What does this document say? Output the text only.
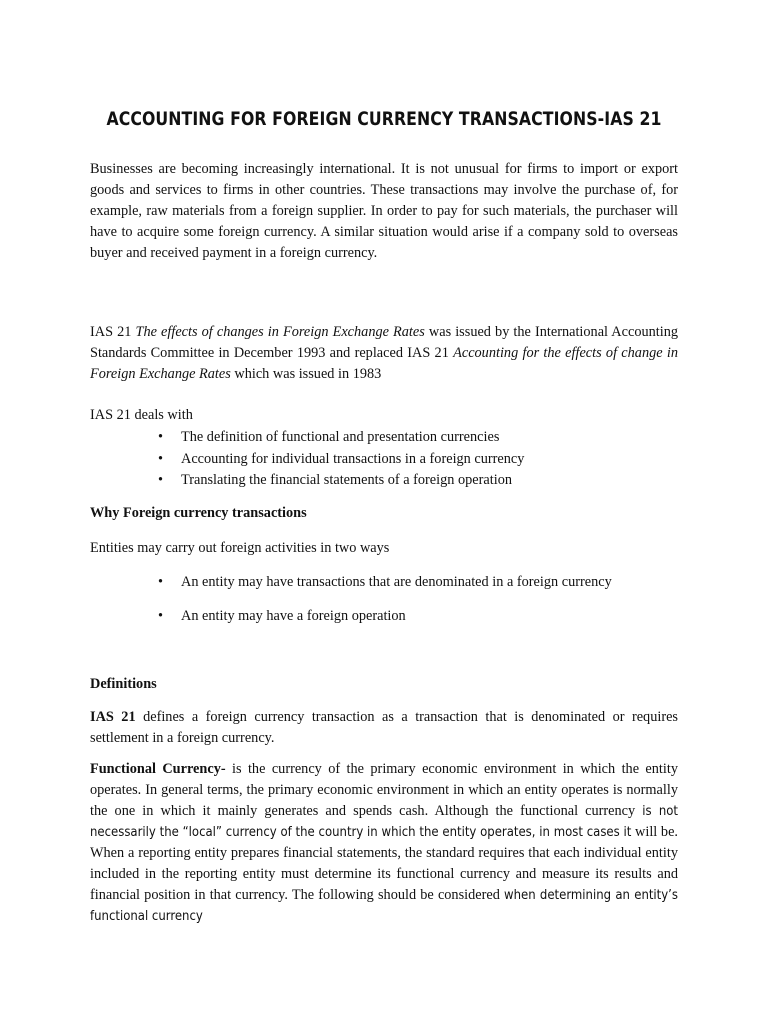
ACCOUNTING FOR FOREIGN CURRENCY TRANSACTIONS-IAS 21

Businesses are becoming increasingly international. It is not unusual for firms to import or export goods and services to firms in other countries. These transactions may involve the purchase of, for example, raw materials from a foreign supplier. In order to pay for such materials, the purchaser will have to acquire some foreign currency. A similar situation would arise if a company sold to overseas buyer and received payment in a foreign currency.

IAS 21 The effects of changes in Foreign Exchange Rates was issued by the International Accounting Standards Committee in December 1993 and replaced IAS 21 Accounting for the effects of change in Foreign Exchange Rates which was issued in 1983

IAS 21 deals with

• The definition of functional and presentation currencies
• Accounting for individual transactions in a foreign currency
• Translating the financial statements of a foreign operation

Why Foreign currency transactions

Entities may carry out foreign activities in two ways

• An entity may have transactions that are denominated in a foreign currency
• An entity may have a foreign operation

Definitions

IAS 21 defines a foreign currency transaction as a transaction that is denominated or requires settlement in a foreign currency.

Functional Currency- is the currency of the primary economic environment in which the entity operates. In general terms, the primary economic environment in which an entity operates is normally the one in which it mainly generates and spends cash. Although the functional currency is not necessarily the “local” currency of the country in which the entity operates, in most cases it will be. When a reporting entity prepares financial statements, the standard requires that each individual entity included in the reporting entity must determine its functional currency and measure its results and financial position in that currency. The following should be considered when determining an entity’s functional currency
